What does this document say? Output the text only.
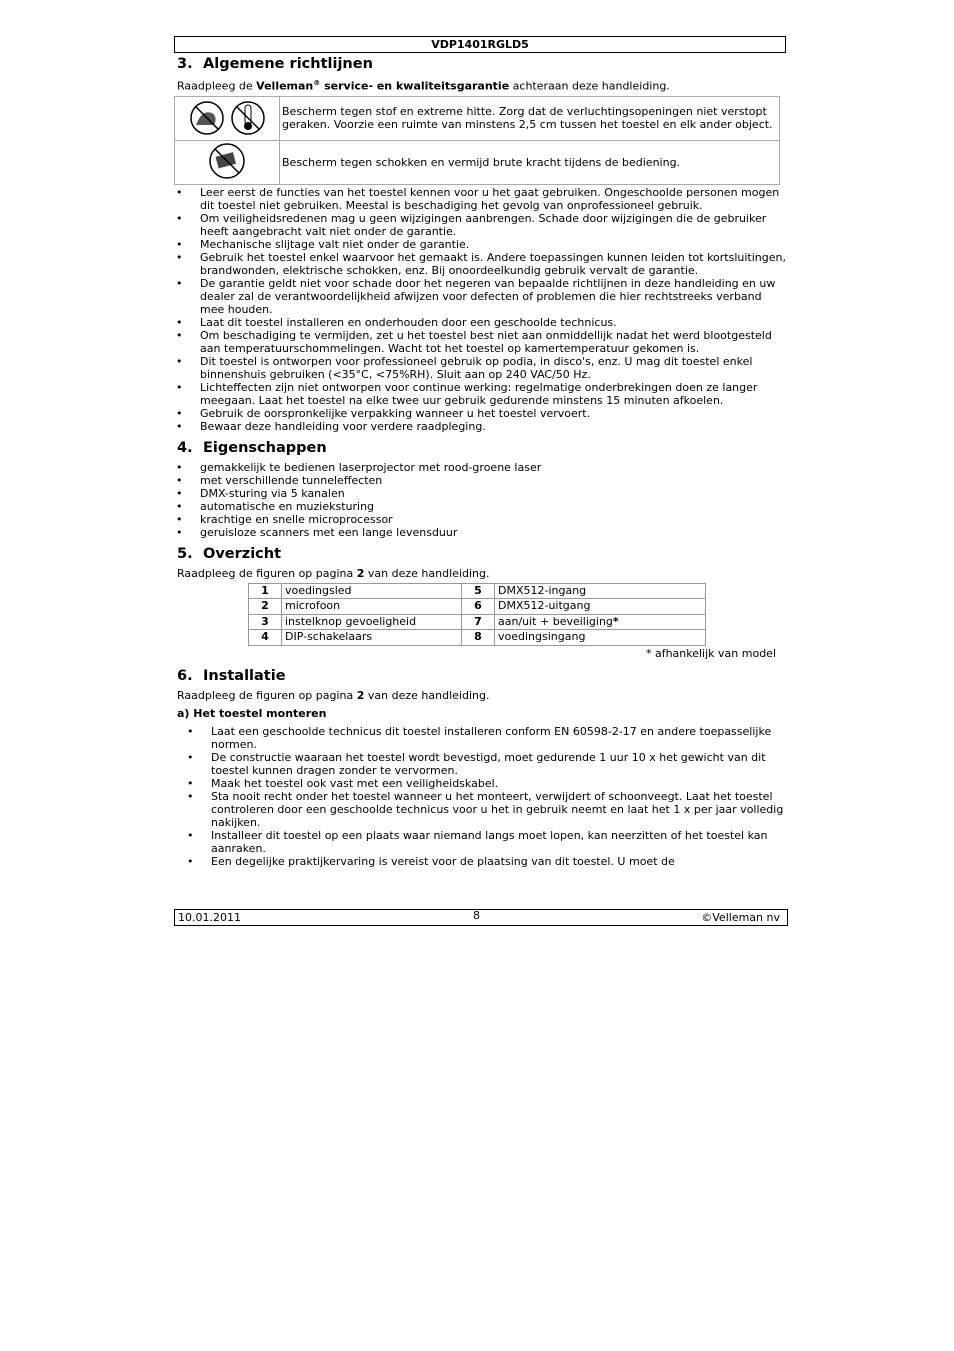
VDP1401RGLD5
3. Algemene richtlijnen

Raadpleeg de Velleman® service- en kwaliteitsgarantie achteraan deze handleiding.

	Bescherm tegen stof en extreme hitte. Zorg dat de verluchtingsopeningen niet verstopt geraken. Voorzie een ruimte van minstens 2,5 cm tussen het toestel en elk ander object.
	Bescherm tegen schokken en vermijd brute kracht tijdens de bediening.
• Leer eerst de functies van het toestel kennen voor u het gaat gebruiken. Ongeschoolde personen mogen dit toestel niet gebruiken. Meestal is beschadiging het gevolg van onprofessioneel gebruik.
• Om veiligheidsredenen mag u geen wijzigingen aanbrengen. Schade door wijzigingen die de gebruiker heeft aangebracht valt niet onder de garantie.
• Mechanische slijtage valt niet onder de garantie.
• Gebruik het toestel enkel waarvoor het gemaakt is. Andere toepassingen kunnen leiden tot kortsluitingen, brandwonden, elektrische schokken, enz. Bij onoordeelkundig gebruik vervalt de garantie.
• De garantie geldt niet voor schade door het negeren van bepaalde richtlijnen in deze handleiding en uw dealer zal de verantwoordelijkheid afwijzen voor defecten of problemen die hier rechtstreeks verband mee houden.
• Laat dit toestel installeren en onderhouden door een geschoolde technicus.
• Om beschadiging te vermijden, zet u het toestel best niet aan onmiddellijk nadat het werd blootgesteld aan temperatuurschommelingen. Wacht tot het toestel op kamertemperatuur gekomen is.
• Dit toestel is ontworpen voor professioneel gebruik op podia, in disco's, enz. U mag dit toestel enkel binnenshuis gebruiken (<35°C, <75%RH). Sluit aan op 240 VAC/50 Hz.
• Lichteffecten zijn niet ontworpen voor continue werking: regelmatige onderbrekingen doen ze langer meegaan. Laat het toestel na elke twee uur gebruik gedurende minstens 15 minuten afkoelen.
• Gebruik de oorspronkelijke verpakking wanneer u het toestel vervoert.
• Bewaar deze handleiding voor verdere raadpleging.
4. Eigenschappen
• gemakkelijk te bedienen laserprojector met rood-groene laser
• met verschillende tunneleffecten
• DMX-sturing via 5 kanalen
• automatische en muzieksturing
• krachtige en snelle microprocessor
• geruisloze scanners met een lange levensduur
5. Overzicht

Raadpleeg de figuren op pagina 2 van deze handleiding.

1	voedingsled	5	DMX512-ingang
2	microfoon	6	DMX512-uitgang
3	instelknop gevoeligheid	7	aan/uit + beveiliging*
4	DIP-schakelaars	8	voedingsingang

* afhankelijk van model

6. Installatie

Raadpleeg de figuren op pagina 2 van deze handleiding.

a) Het toestel monteren
• Laat een geschoolde technicus dit toestel installeren conform EN 60598-2-17 en andere toepasselijke normen.
• De constructie waaraan het toestel wordt bevestigd, moet gedurende 1 uur 10 x het gewicht van dit toestel kunnen dragen zonder te vervormen.
• Maak het toestel ook vast met een veiligheidskabel.
• Sta nooit recht onder het toestel wanneer u het monteert, verwijdert of schoonveegt. Laat het toestel controleren door een geschoolde technicus voor u het in gebruik neemt en laat het 1 x per jaar volledig nakijken.
• Installeer dit toestel op een plaats waar niemand langs moet lopen, kan neerzitten of het toestel kan aanraken.
• Een degelijke praktijkervaring is vereist voor de plaatsing van dit toestel. U moet de
10.01.2011	8	©Velleman nv
